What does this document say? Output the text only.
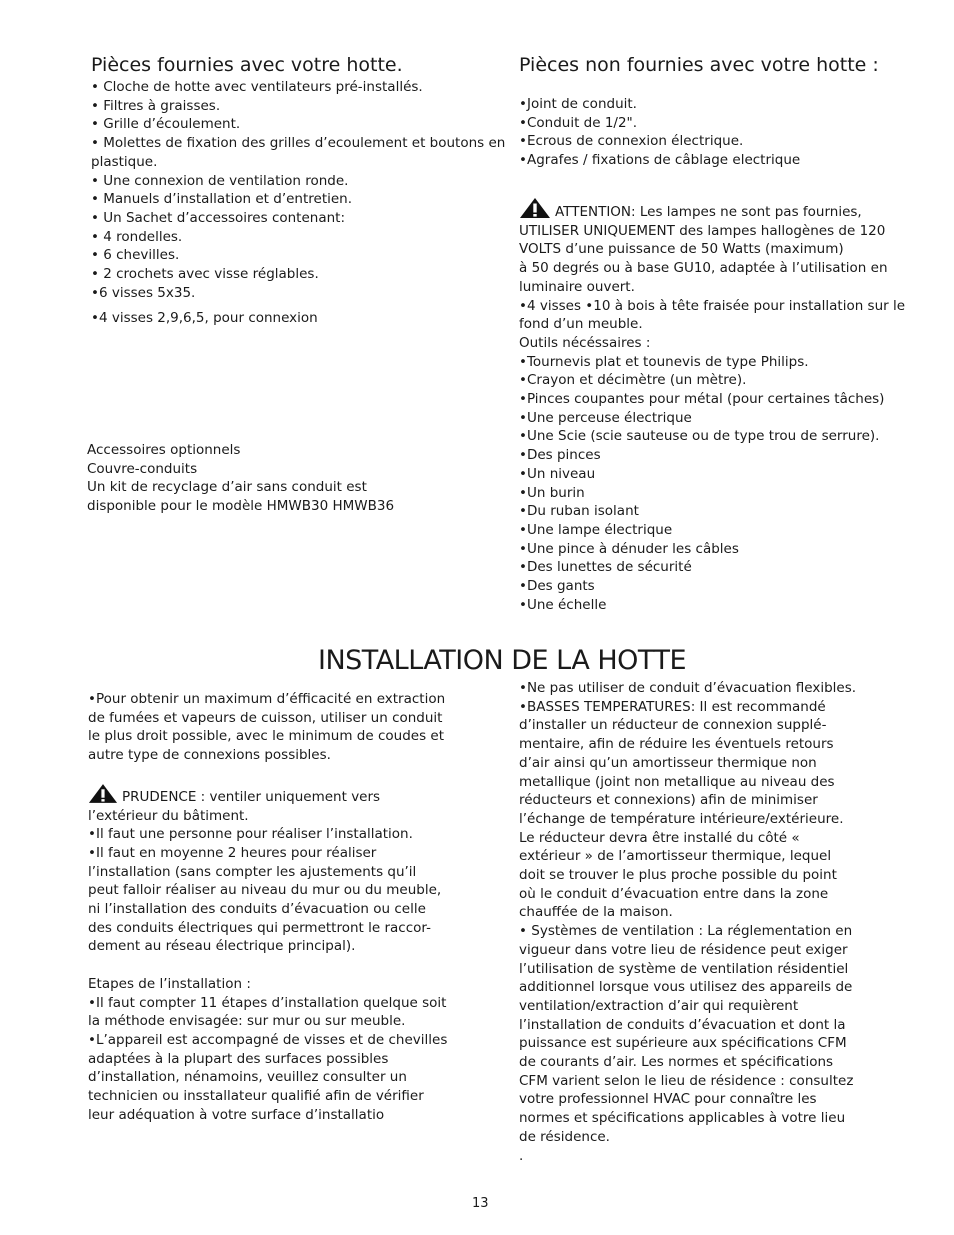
Pièces fournies avec votre hotte.
• Cloche de hotte avec ventilateurs pré-installés.
• Filtres à graisses.
• Grille d’écoulement.
• Molettes de fixation des grilles d’ecoulement et boutons en
plastique.
• Une connexion de ventilation ronde.
• Manuels d’installation et d’entretien.
• Un Sachet d’accessoires contenant:
• 4 rondelles.
• 6 chevilles.
• 2 crochets avec visse réglables.
•6 visses 5x35.
•4 visses 2,9,6,5, pour connexion
Accessoires optionnels
Couvre-conduits
Un kit de recyclage d’air sans conduit est
disponible pour le modèle HMWB30 HMWB36
Pièces non fournies avec votre hotte :
•Joint de conduit.
•Conduit de 1/2".
•Ecrous de connexion électrique.
•Agrafes / fixations de câblage electrique
ATTENTION: Les lampes ne sont pas fournies,
UTILISER UNIQUEMENT des lampes hallogènes de 120
VOLTS d’une puissance de 50 Watts (maximum)
à 50 degrés ou à base GU10, adaptée à l’utilisation en
luminaire ouvert.
•4 visses •10 à bois à tête fraisée pour installation sur le
fond d’un meuble.
Outils nécéssaires :
•Tournevis plat et tounevis de type Philips.
•Crayon et décimètre (un mètre).
•Pinces coupantes pour métal (pour certaines tâches)
•Une perceuse électrique
•Une Scie (scie sauteuse ou de type trou de serrure).
•Des pinces
•Un niveau
•Un burin
•Du ruban isolant
•Une lampe électrique
•Une pince à dénuder les câbles
•Des lunettes de sécurité
•Des gants
•Une échelle
INSTALLATION DE LA HOTTE
•Pour obtenir un maximum d’éfficacité en extraction
de fumées et vapeurs de cuisson, utiliser un conduit
le plus droit possible, avec le minimum de coudes et
autre type de connexions possibles.
PRUDENCE : ventiler uniquement vers
l’extérieur du bâtiment.
•Il faut une personne pour réaliser l’installation.
•Il faut en moyenne 2 heures pour réaliser
l’installation (sans compter les ajustements qu’il
peut falloir réaliser au niveau du mur ou du meuble,
ni l’installation des conduits d’évacuation ou celle
des conduits électriques qui permettront le raccor-
dement au réseau électrique principal).
Etapes de l’installation :
•Il faut compter 11 étapes d’installation quelque soit
la méthode envisagée: sur mur ou sur meuble.
•L’appareil est accompagné de visses et de chevilles
adaptées à la plupart des surfaces possibles
d’installation, nénamoins, veuillez consulter un
technicien ou insstallateur qualifié afin de vérifier
leur adéquation à votre surface d’installatio
•Ne pas utiliser de conduit d’évacuation flexibles.
•BASSES TEMPERATURES: Il est recommandé
d’installer un réducteur de connexion supplé-
mentaire, afin de réduire les éventuels retours
d’air ainsi qu’un amortisseur thermique non
metallique (joint non metallique au niveau des
réducteurs et connexions) afin de minimiser
l’échange de température intérieure/extérieure.
Le réducteur devra être installé du côté «
extérieur » de l’amortisseur thermique, lequel
doit se trouver le plus proche possible du point
où le conduit d’évacuation entre dans la zone
chauffée de la maison.
• Systèmes de ventilation : La réglementation en
vigueur dans votre lieu de résidence peut exiger
l’utilisation de système de ventilation résidentiel
additionnel lorsque vous utilisez des appareils de
ventilation/extraction d’air qui requièrent
l’installation de conduits d’évacuation et dont la
puissance est supérieure aux spécifications CFM
de courants d’air. Les normes et spécifications
CFM varient selon le lieu de résidence : consultez
votre professionnel HVAC pour connaître les
normes et spécifications applicables à votre lieu
de résidence.
.
13
